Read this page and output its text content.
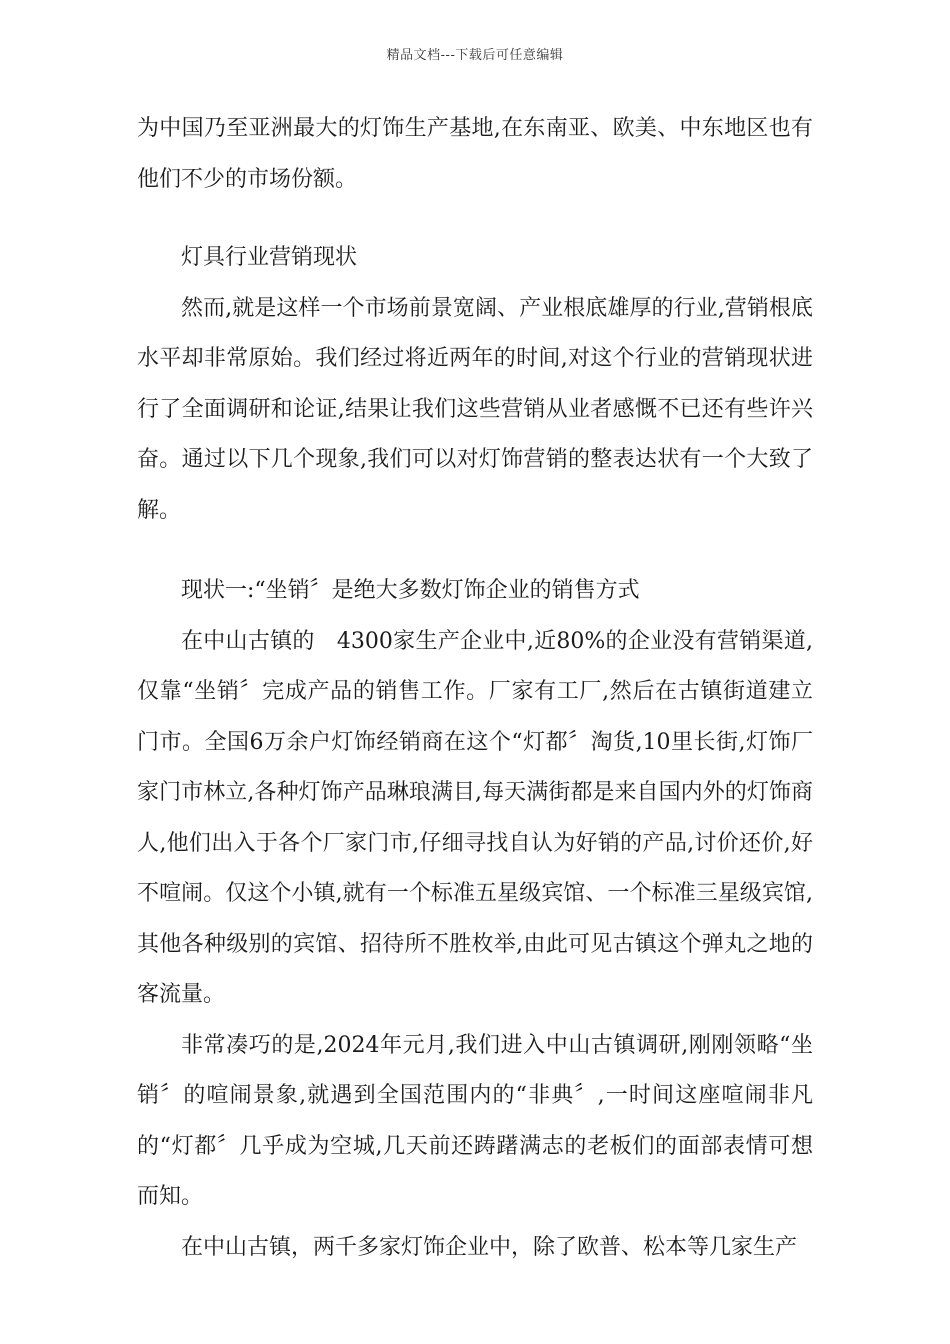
精品文档---下载后可任意编辑

为中国乃至亚洲最大的灯饰生产基地,在东南亚、欧美、中东地区也有他们不少的市场份额。

灯具行业营销现状

然而,就是这样一个市场前景宽阔、产业根底雄厚的行业,营销根底水平却非常原始。我们经过将近两年的时间,对这个行业的营销现状进行了全面调研和论证,结果让我们这些营销从业者感慨不已还有些许兴奋。通过以下几个现象,我们可以对灯饰营销的整表达状有一个大致了解。

现状一:“坐销〞是绝大多数灯饰企业的销售方式

在中山古镇的　4300家生产企业中,近80%的企业没有营销渠道,仅靠“坐销〞完成产品的销售工作。厂家有工厂,然后在古镇街道建立门市。全国6万余户灯饰经销商在这个“灯都〞淘货,10里长街,灯饰厂家门市林立,各种灯饰产品琳琅满目,每天满街都是来自国内外的灯饰商人,他们出入于各个厂家门市,仔细寻找自认为好销的产品,讨价还价,好不喧闹。仅这个小镇,就有一个标准五星级宾馆、一个标准三星级宾馆,其他各种级别的宾馆、招待所不胜枚举,由此可见古镇这个弹丸之地的客流量。

非常凑巧的是,2024年元月,我们进入中山古镇调研,刚刚领略“坐销〞的喧闹景象,就遇到全国范围内的“非典〞,一时间这座喧闹非凡的“灯都〞几乎成为空城,几天前还踌躇满志的老板们的面部表情可想而知。

在中山古镇，两千多家灯饰企业中，除了欧普、松本等几家生产
